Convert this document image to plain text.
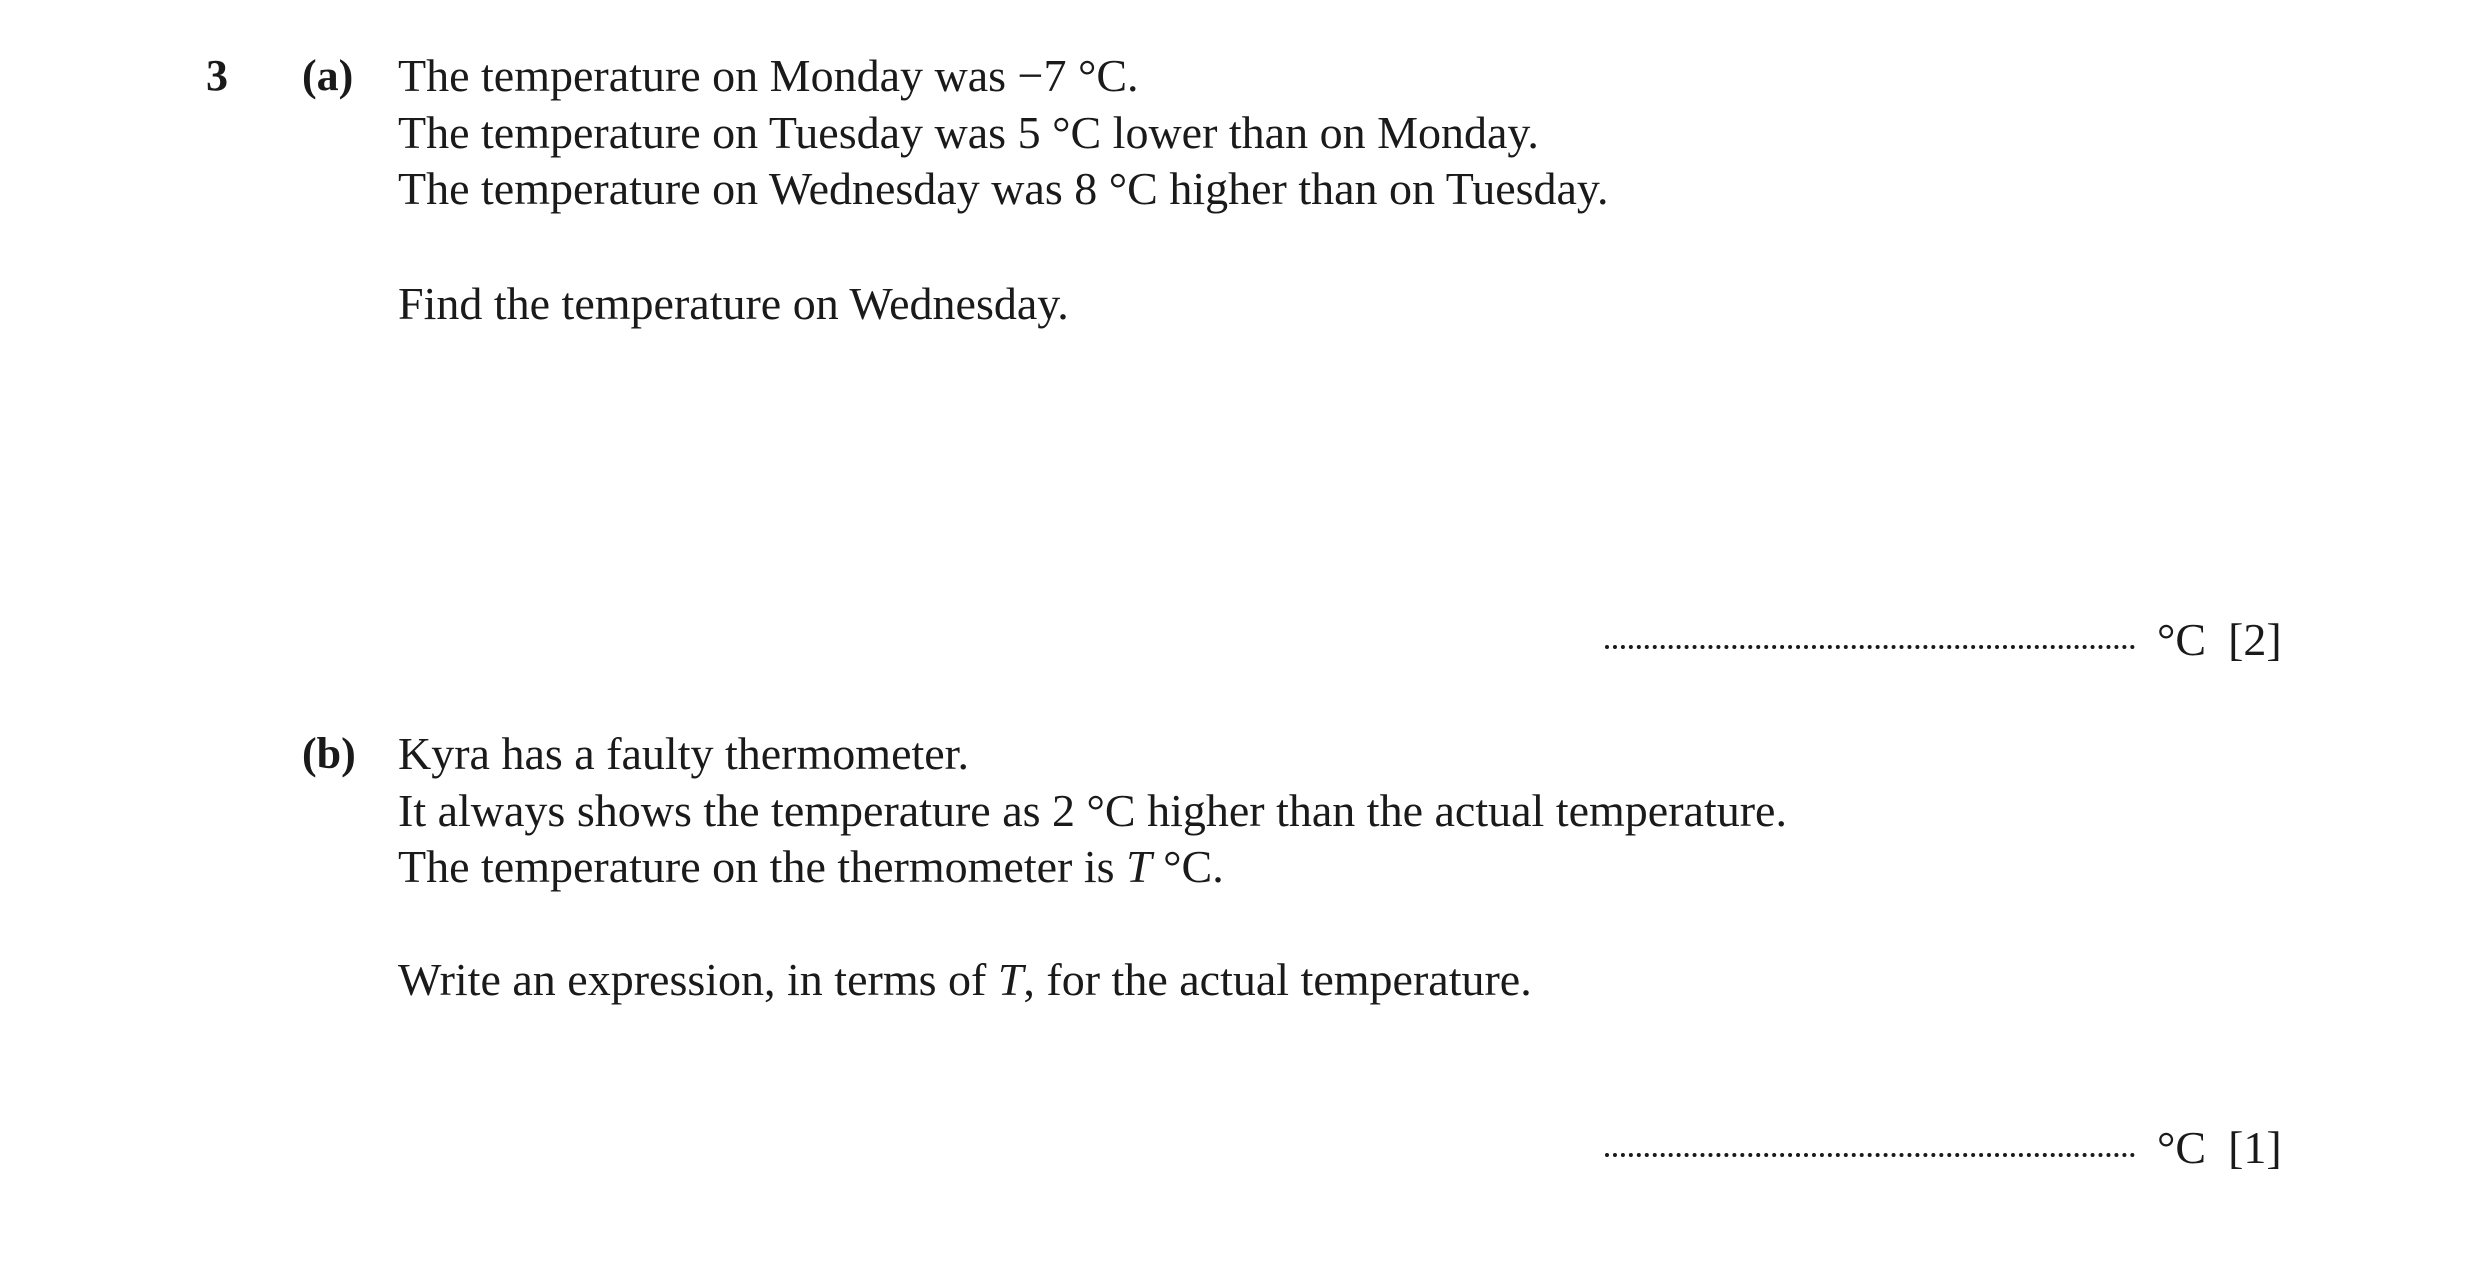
3 (a) The temperature on Monday was −7 °C.
The temperature on Tuesday was 5 °C lower than on Monday.
The temperature on Wednesday was 8 °C higher than on Tuesday.
Find the temperature on Wednesday.
°C [2]
(b) Kyra has a faulty thermometer.
It always shows the temperature as 2 °C higher than the actual temperature.
The temperature on the thermometer is T °C.
Write an expression, in terms of T, for the actual temperature.
°C [1]
